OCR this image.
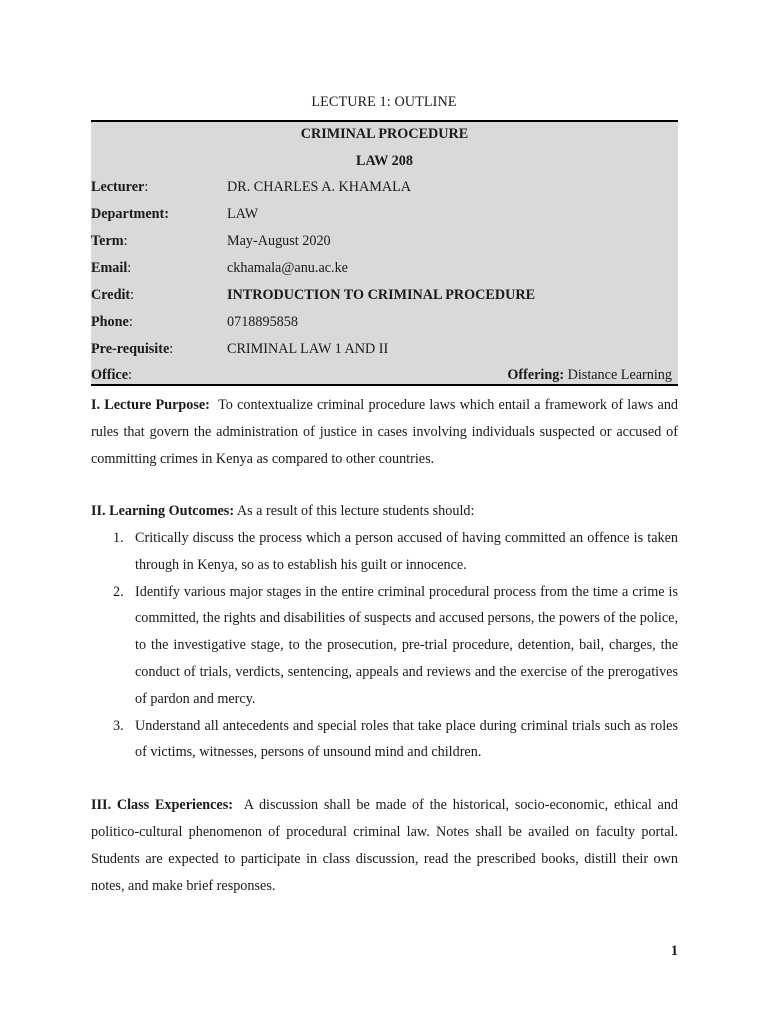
LECTURE 1: OUTLINE
CRIMINAL PROCEDURE
LAW 208
Lecturer:	DR. CHARLES A. KHAMALA
Department:	LAW
Term:	May-August 2020
Email:	ckhamala@anu.ac.ke
Credit:	INTRODUCTION TO CRIMINAL PROCEDURE
Phone:	0718895858
Pre-requisite:	CRIMINAL LAW 1 AND II
Office:	Offering: Distance Learning
I. Lecture Purpose: To contextualize criminal procedure laws which entail a framework of laws and rules that govern the administration of justice in cases involving individuals suspected or accused of committing crimes in Kenya as compared to other countries.
II. Learning Outcomes: As a result of this lecture students should:
1. Critically discuss the process which a person accused of having committed an offence is taken through in Kenya, so as to establish his guilt or innocence.
2. Identify various major stages in the entire criminal procedural process from the time a crime is committed, the rights and disabilities of suspects and accused persons, the powers of the police, to the investigative stage, to the prosecution, pre-trial procedure, detention, bail, charges, the conduct of trials, verdicts, sentencing, appeals and reviews and the exercise of the prerogatives of pardon and mercy.
3. Understand all antecedents and special roles that take place during criminal trials such as roles of victims, witnesses, persons of unsound mind and children.
III. Class Experiences: A discussion shall be made of the historical, socio-economic, ethical and politico-cultural phenomenon of procedural criminal law. Notes shall be availed on faculty portal. Students are expected to participate in class discussion, read the prescribed books, distill their own notes, and make brief responses.
1
